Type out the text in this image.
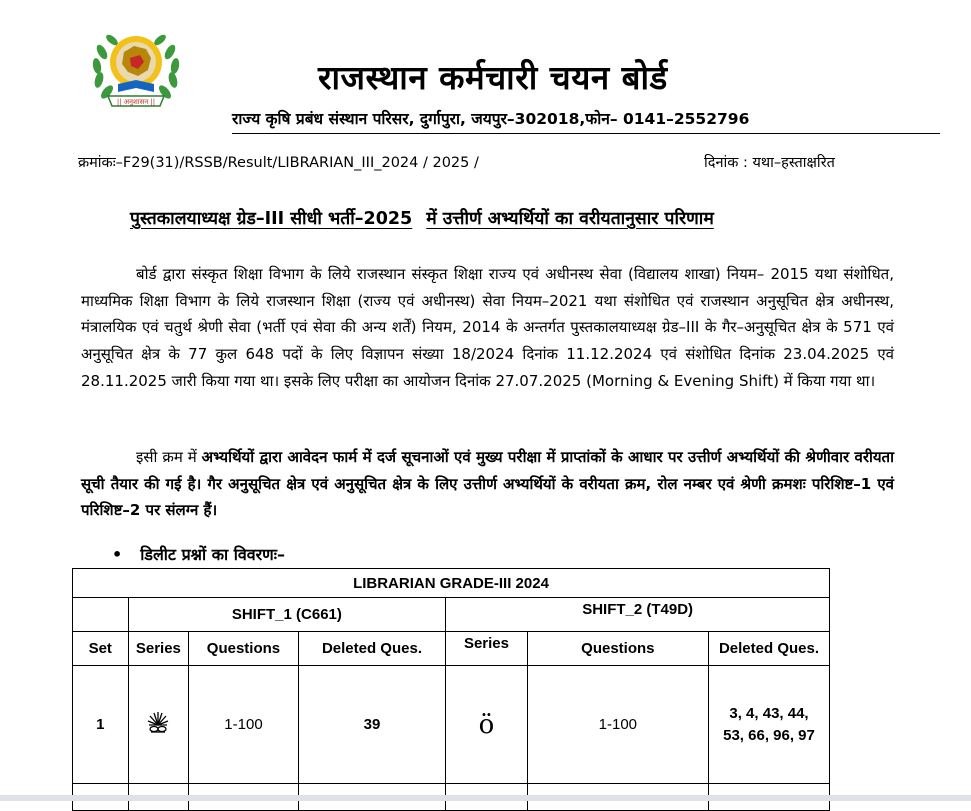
|| अनुशासन ||
राजस्थान कर्मचारी चयन बोर्ड
राज्य कृषि प्रबंध संस्थान परिसर, दुर्गापुरा, जयपुर–302018,फोन– 0141–2552796
क्रमांकः–F29(31)/RSSB/Result/LIBRARIAN_III_2024 / 2025 /	दिनांक : यथा–हस्ताक्षरित
पुस्तकालयाध्यक्ष ग्रेड–III सीधी भर्ती–2025 में उत्तीर्ण अभ्यर्थियों का वरीयतानुसार परिणाम
बोर्ड द्वारा संस्कृत शिक्षा विभाग के लिये राजस्थान संस्कृत शिक्षा राज्य एवं अधीनस्थ सेवा (विद्यालय शाखा) नियम– 2015 यथा संशोधित, माध्यमिक शिक्षा विभाग के लिये राजस्थान शिक्षा (राज्य एवं अधीनस्थ) सेवा नियम–2021 यथा संशोधित एवं राजस्थान अनुसूचित क्षेत्र अधीनस्थ, मंत्रालयिक एवं चतुर्थ श्रेणी सेवा (भर्ती एवं सेवा की अन्य शर्तें) नियम, 2014 के अन्तर्गत पुस्तकालयाध्यक्ष ग्रेड–III के गैर–अनुसूचित क्षेत्र के 571 एवं अनुसूचित क्षेत्र के 77 कुल 648 पदों के लिए विज्ञापन संख्या 18/2024 दिनांक 11.12.2024 एवं संशोधित दिनांक 23.04.2025 एवं 28.11.2025 जारी किया गया था। इसके लिए परीक्षा का आयोजन दिनांक 27.07.2025 (Morning & Evening Shift) में किया गया था।
इसी क्रम में अभ्यर्थियों द्वारा आवेदन फार्म में दर्ज सूचनाओं एवं मुख्य परीक्षा में प्राप्तांकों के आधार पर उत्तीर्ण अभ्यर्थियों की श्रेणीवार वरीयता सूची तैयार की गई है। गैर अनुसूचित क्षेत्र एवं अनुसूचित क्षेत्र के लिए उत्तीर्ण अभ्यर्थियों के वरीयता क्रम, रोल नम्बर एवं श्रेणी क्रमशः परिशिष्ट–1 एवं परिशिष्ट–2 पर संलग्न हैं।
• डिलीट प्रश्नों का विवरणः–
LIBRARIAN GRADE-III 2024						
	SHIFT_1 (C661)			SHIFT_2 (T49D)		
Set	Series	Questions	Deleted Ques.	Series	Questions	Deleted Ques.
1		1-100	39	ö	1-100	3, 4, 43, 44,
53, 66, 96, 97
